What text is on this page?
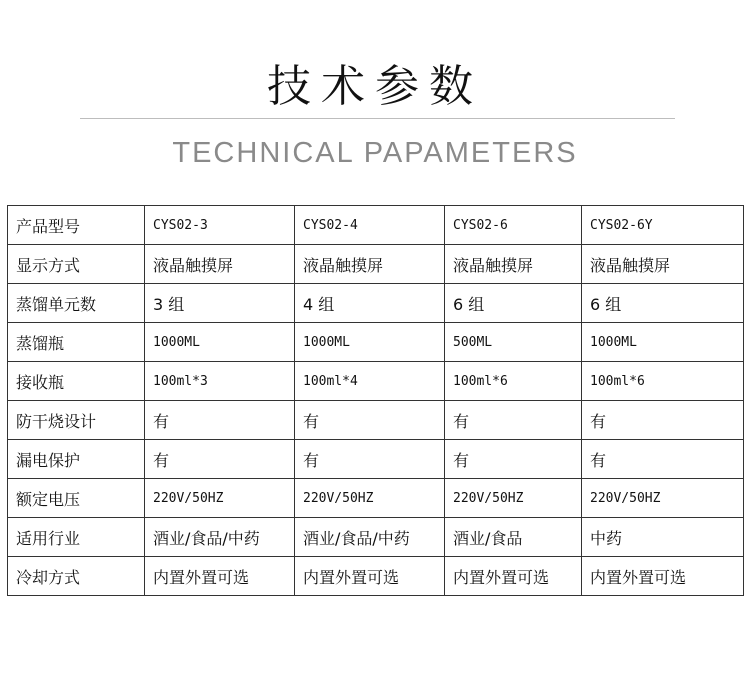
技术参数
TECHNICAL PAPAMETERS
产品型号	CYS02-3	CYS02-4	CYS02-6	CYS02-6Y
显示方式	液晶触摸屏	液晶触摸屏	液晶触摸屏	液晶触摸屏
蒸馏单元数	3 组	4 组	6 组	6 组
蒸馏瓶	1000ML	1000ML	500ML	1000ML
接收瓶	100ml*3	100ml*4	100ml*6	100ml*6
防干烧设计	有	有	有	有
漏电保护	有	有	有	有
额定电压	220V/50HZ	220V/50HZ	220V/50HZ	220V/50HZ
适用行业	酒业/食品/中药	酒业/食品/中药	酒业/食品	中药
冷却方式	内置外置可选	内置外置可选	内置外置可选	内置外置可选
